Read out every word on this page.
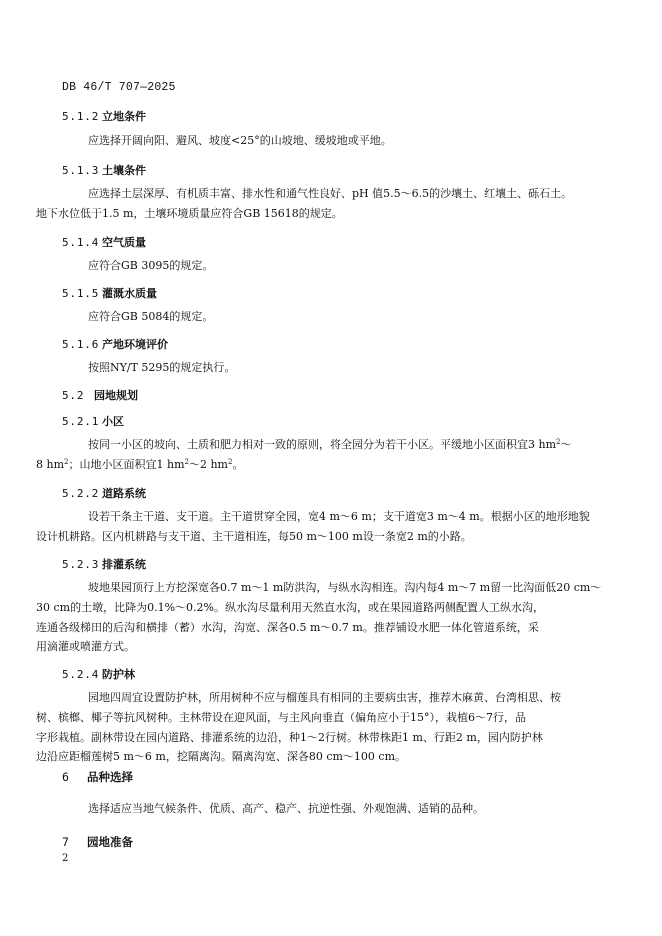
DB 46/T 707—2025
5.1.2 立地条件
应选择开阔向阳、避风、坡度<25°的山坡地、缓坡地或平地。
5.1.3 土壤条件
应选择土层深厚、有机质丰富、排水性和通气性良好、pH 值5.5～6.5的沙壤土、红壤土、砾石土。
地下水位低于1.5 m，土壤环境质量应符合GB 15618的规定。
5.1.4 空气质量
应符合GB 3095的规定。
5.1.5 灌溉水质量
应符合GB 5084的规定。
5.1.6 产地环境评价
按照NY/T 5295的规定执行。
5.2 园地规划
5.2.1 小区
按同一小区的坡向、土质和肥力相对一致的原则，将全园分为若干小区。平缓地小区面积宜3 $hm^2\sim$
8 $hm^2$；山地小区面积宜1 $hm^2\sim 2$ $hm^2$。
5.2.2 道路系统
设若干条主干道、支干道。主干道贯穿全园，宽4 m～6 m；支干道宽3 m～4 m。根据小区的地形地貌
设计机耕路。区内机耕路与支干道、主干道相连，每50 m～100 m设一条宽2 m的小路。
5.2.3 排灌系统
坡地果园顶行上方挖深宽各0.7 m～1 m防洪沟，与纵水沟相连。沟内每4 m～7 m留一比沟面低20 cm～
30 cm的土墩，比降为0.1%～0.2%。纵水沟尽量利用天然直水沟，或在果园道路两侧配置人工纵水沟，
连通各级梯田的后沟和横排（蓄）水沟，沟宽、深各0.5 m～0.7 m。推荐铺设水肥一体化管道系统，采
用滴灌或喷灌方式。
5.2.4 防护林
园地四周宜设置防护林，所用树种不应与榴莲具有相同的主要病虫害，推荐木麻黄、台湾相思、桉
树、槟榔、椰子等抗风树种。主林带设在迎风面，与主风向垂直（偏角应小于15°），栽植6～7行，品
字形栽植。副林带设在园内道路、排灌系统的边沿，种1～2行树。林带株距1 m、行距2 m，园内防护林
边沿应距榴莲树5 m～6 m，挖隔离沟。隔离沟宽、深各80 cm～100 cm。
6 品种选择
选择适应当地气候条件、优质、高产、稳产、抗逆性强、外观饱满、适销的品种。
7 园地准备
2
